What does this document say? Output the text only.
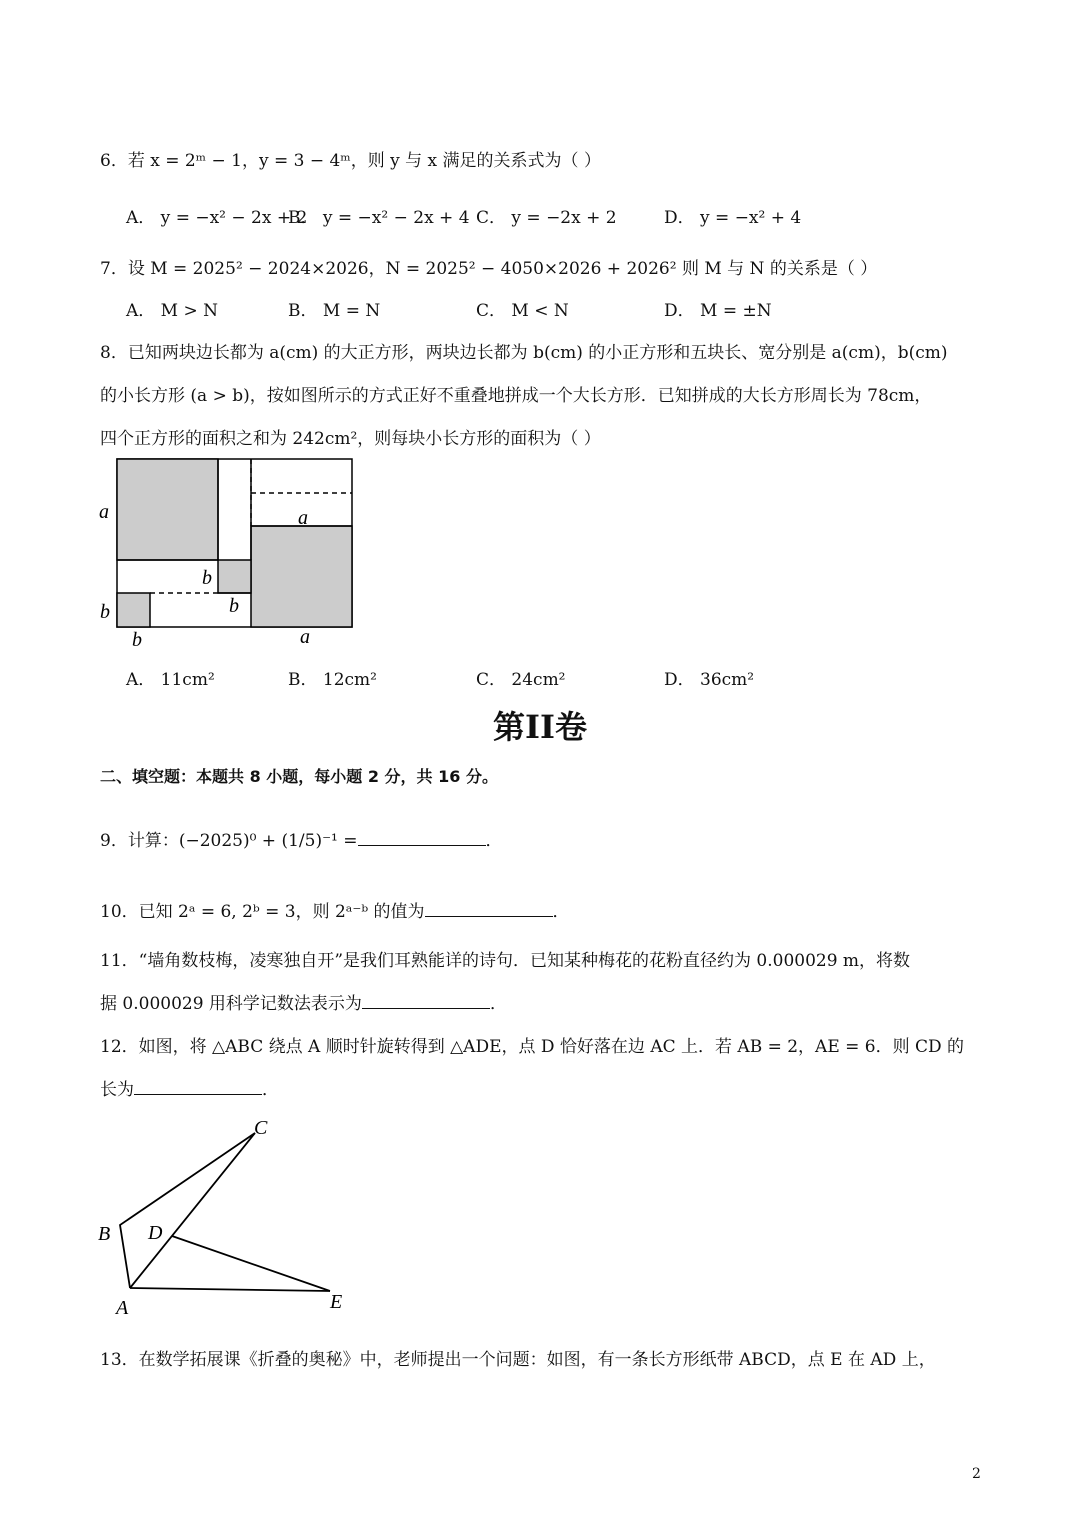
6．若 x = 2ᵐ − 1，y = 3 − 4ᵐ，则 y 与 x 满足的关系式为（ ）
A． y = −x² − 2x + 2
B． y = −x² − 2x + 4 C． y = −2x + 2	D． y = −x² + 4
7．设 M = 2025² − 2024×2026，N = 2025² − 4050×2026 + 2026² 则 M 与 N 的关系是（ ）
A． M > N	B． M = N	C． M < N	D． M = ±N
8．已知两块边长都为 a(cm) 的大正方形，两块边长都为 b(cm) 的小正方形和五块长、宽分别是 a(cm)，b(cm)
的小长方形 (a > b)，按如图所示的方式正好不重叠地拼成一个大长方形．已知拼成的大长方形周长为 78cm，
四个正方形的面积之和为 242cm²，则每块小长方形的面积为（ ）
a	a
b
b
b
b	a
A． 11cm²	B． 12cm²	C． 24cm²	D． 36cm²
第II卷
二、填空题：本题共 8 小题，每小题 2 分，共 16 分。
9．计算：(−2025)⁰ + (1/5)⁻¹ =	．
10．已知 2ᵃ = 6, 2ᵇ = 3，则 2ᵃ⁻ᵇ 的值为	．
11．“墙角数枝梅，凌寒独自开”是我们耳熟能详的诗句．已知某种梅花的花粉直径约为 0.000029 m，将数
据 0.000029 用科学记数法表示为	．
12．如图，将 △ABC 绕点 A 顺时针旋转得到 △ADE，点 D 恰好落在边 AC 上．若 AB = 2，AE = 6．则 CD 的
长为	．
C
B D
A	E
13．在数学拓展课《折叠的奥秘》中，老师提出一个问题：如图，有一条长方形纸带 ABCD，点 E 在 AD 上，
2
